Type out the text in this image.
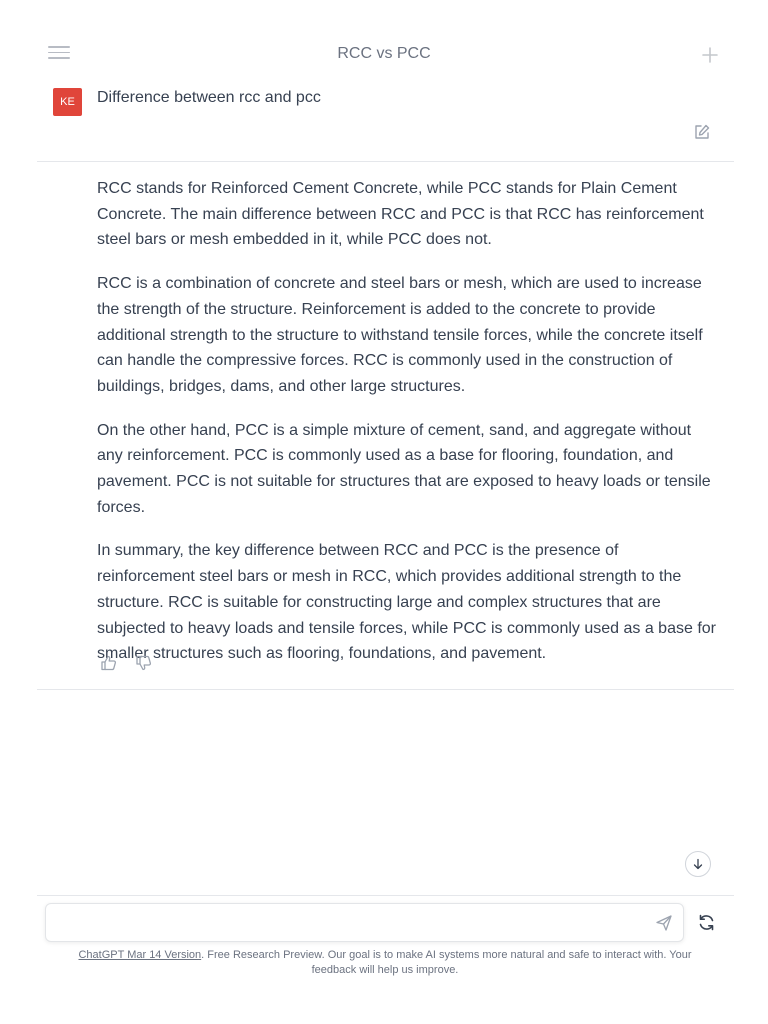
RCC vs PCC
KE	Difference between rcc and pcc

RCC stands for Reinforced Cement Concrete, while PCC stands for Plain Cement Concrete. The main difference between RCC and PCC is that RCC has reinforcement steel bars or mesh embedded in it, while PCC does not.

RCC is a combination of concrete and steel bars or mesh, which are used to increase the strength of the structure. Reinforcement is added to the concrete to provide additional strength to the structure to withstand tensile forces, while the concrete itself can handle the compressive forces. RCC is commonly used in the construction of buildings, bridges, dams, and other large structures.

On the other hand, PCC is a simple mixture of cement, sand, and aggregate without any reinforcement. PCC is commonly used as a base for flooring, foundation, and pavement. PCC is not suitable for structures that are exposed to heavy loads or tensile forces.

In summary, the key difference between RCC and PCC is the presence of reinforcement steel bars or mesh in RCC, which provides additional strength to the structure. RCC is suitable for constructing large and complex structures that are subjected to heavy loads and tensile forces, while PCC is commonly used as a base for smaller structures such as flooring, foundations, and pavement.

ChatGPT Mar 14 Version. Free Research Preview. Our goal is to make AI systems more natural and safe to interact with. Your feedback will help us improve.
